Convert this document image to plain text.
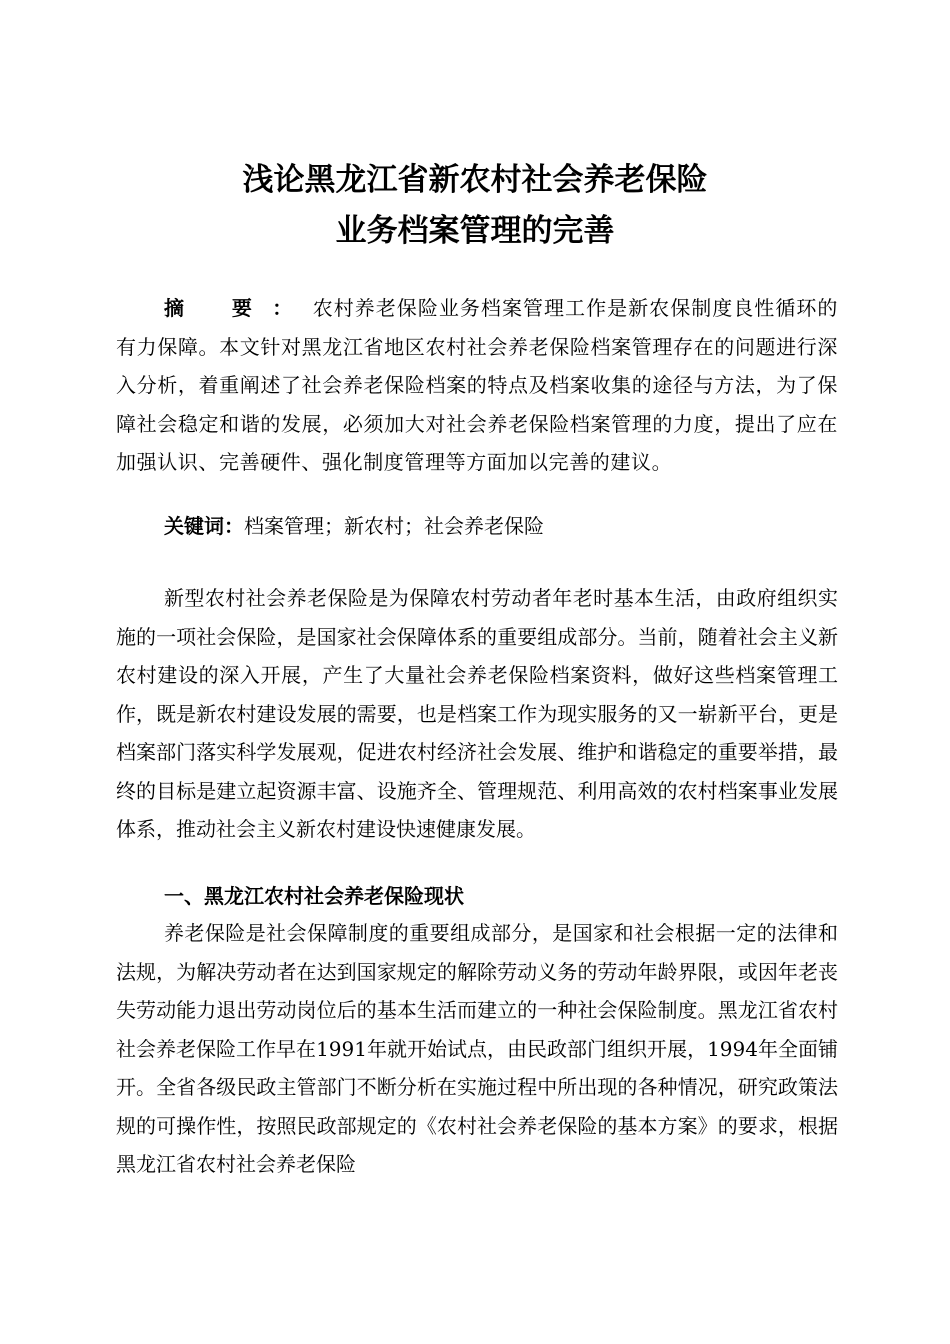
浅论黑龙江省新农村社会养老保险
业务档案管理的完善
摘 要：农村养老保险业务档案管理工作是新农保制度良性循环的有力保障。本文针对黑龙江省地区农村社会养老保险档案管理存在的问题进行深入分析，着重阐述了社会养老保险档案的特点及档案收集的途径与方法，为了保障社会稳定和谐的发展，必须加大对社会养老保险档案管理的力度，提出了应在加强认识、完善硬件、强化制度管理等方面加以完善的建议。
关键词：档案管理；新农村；社会养老保险
新型农村社会养老保险是为保障农村劳动者年老时基本生活，由政府组织实施的一项社会保险，是国家社会保障体系的重要组成部分。当前，随着社会主义新农村建设的深入开展，产生了大量社会养老保险档案资料，做好这些档案管理工作，既是新农村建设发展的需要，也是档案工作为现实服务的又一崭新平台，更是档案部门落实科学发展观，促进农村经济社会发展、维护和谐稳定的重要举措，最终的目标是建立起资源丰富、设施齐全、管理规范、利用高效的农村档案事业发展体系，推动社会主义新农村建设快速健康发展。
一、黑龙江农村社会养老保险现状
养老保险是社会保障制度的重要组成部分，是国家和社会根据一定的法律和法规，为解决劳动者在达到国家规定的解除劳动义务的劳动年龄界限，或因年老丧失劳动能力退出劳动岗位后的基本生活而建立的一种社会保险制度。黑龙江省农村社会养老保险工作早在1991年就开始试点，由民政部门组织开展，1994年全面铺开。全省各级民政主管部门不断分析在实施过程中所出现的各种情况，研究政策法规的可操作性，按照民政部规定的《农村社会养老保险的基本方案》的要求，根据黑龙江省农村社会养老保险
